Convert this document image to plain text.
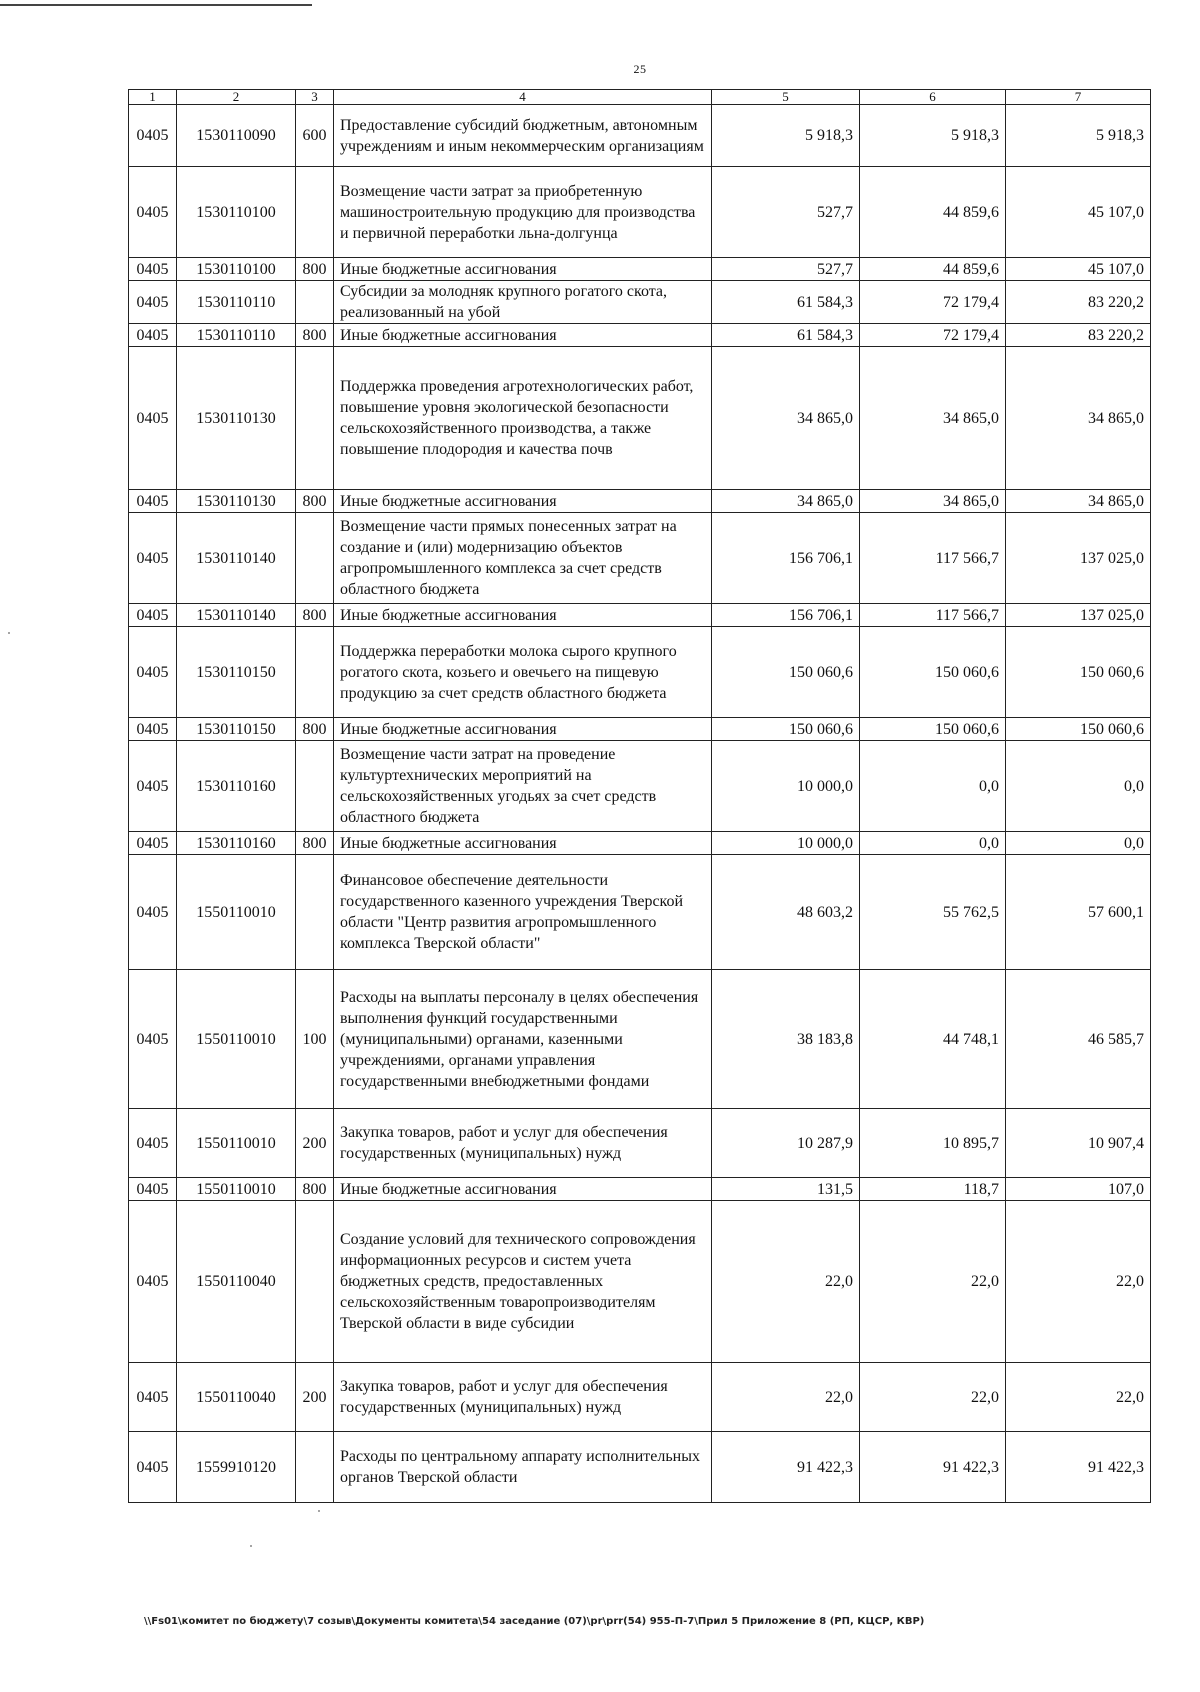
25
1	2	3	4	5	6	7
0405	1530110090	600	Предоставление субсидий бюджетным, автономным учреждениям и иным некоммерческим организациям	5 918,3	5 918,3	5 918,3
0405	1530110100		Возмещение части затрат за приобретенную машиностроительную продукцию для производства и первичной переработки льна-долгунца	527,7	44 859,6	45 107,0
0405	1530110100	800	Иные бюджетные ассигнования	527,7	44 859,6	45 107,0
0405	1530110110		Субсидии за молодняк крупного рогатого скота, реализованный на убой	61 584,3	72 179,4	83 220,2
0405	1530110110	800	Иные бюджетные ассигнования	61 584,3	72 179,4	83 220,2
0405	1530110130		Поддержка проведения агротехнологических работ, повышение уровня экологической безопасности сельскохозяйственного производства, а также повышение плодородия и качества почв	34 865,0	34 865,0	34 865,0
0405	1530110130	800	Иные бюджетные ассигнования	34 865,0	34 865,0	34 865,0
0405	1530110140		Возмещение части прямых понесенных затрат на создание и (или) модернизацию объектов агропромышленного комплекса за счет средств областного бюджета	156 706,1	117 566,7	137 025,0
0405	1530110140	800	Иные бюджетные ассигнования	156 706,1	117 566,7	137 025,0
0405	1530110150		Поддержка переработки молока сырого крупного рогатого скота, козьего и овечьего на пищевую продукцию за счет средств областного бюджета	150 060,6	150 060,6	150 060,6
0405	1530110150	800	Иные бюджетные ассигнования	150 060,6	150 060,6	150 060,6
0405	1530110160		Возмещение части затрат на проведение культуртехнических мероприятий на сельскохозяйственных угодьях за счет средств областного бюджета	10 000,0	0,0	0,0
0405	1530110160	800	Иные бюджетные ассигнования	10 000,0	0,0	0,0
0405	1550110010		Финансовое обеспечение деятельности государственного казенного учреждения Тверской области "Центр развития агропромышленного комплекса Тверской области"	48 603,2	55 762,5	57 600,1
0405	1550110010	100	Расходы на выплаты персоналу в целях обеспечения выполнения функций государственными (муниципальными) органами, казенными учреждениями, органами управления государственными внебюджетными фондами	38 183,8	44 748,1	46 585,7
0405	1550110010	200	Закупка товаров, работ и услуг для обеспечения государственных (муниципальных) нужд	10 287,9	10 895,7	10 907,4
0405	1550110010	800	Иные бюджетные ассигнования	131,5	118,7	107,0
0405	1550110040		Создание условий для технического сопровождения информационных ресурсов и систем учета бюджетных средств, предоставленных сельскохозяйственным товаропроизводителям Тверской области в виде субсидии	22,0	22,0	22,0
0405	1550110040	200	Закупка товаров, работ и услуг для обеспечения государственных (муниципальных) нужд	22,0	22,0	22,0
0405	1559910120		Расходы по центральному аппарату исполнительных органов Тверской области	91 422,3	91 422,3	91 422,3
\\Fs01\комитет по бюджету\7 созыв\Документы комитета\54 заседание (07)\pr\prr(54) 955-П-7\Прил 5 Приложение 8 (РП, КЦСР, КВР)
